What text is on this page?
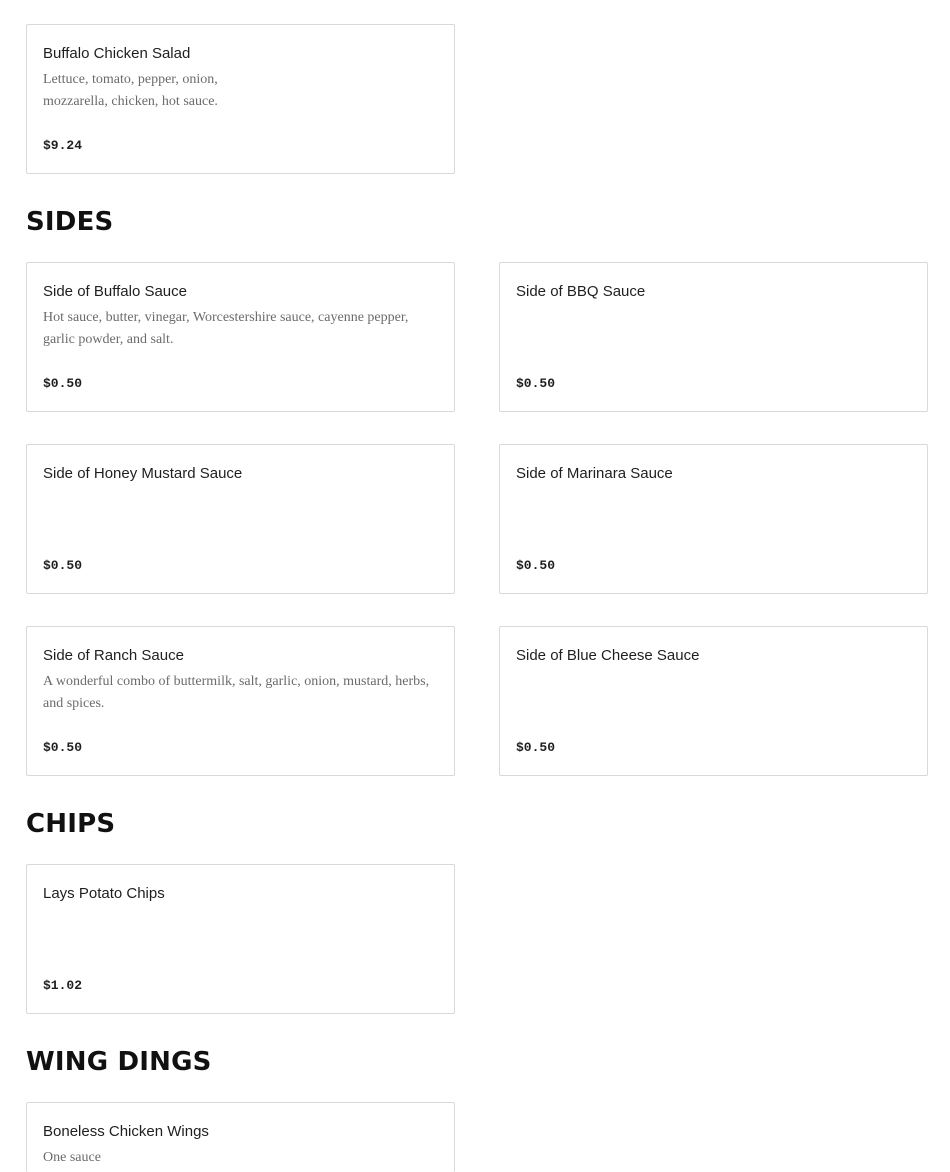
Buffalo Chicken Salad
Lettuce, tomato, pepper, onion, mozzarella, chicken, hot sauce.
$9.24
SIDES
Side of Buffalo Sauce
Hot sauce, butter, vinegar, Worcestershire sauce, cayenne pepper, garlic powder, and salt.
$0.50
Side of BBQ Sauce
$0.50
Side of Honey Mustard Sauce
$0.50
Side of Marinara Sauce
$0.50
Side of Ranch Sauce
A wonderful combo of buttermilk, salt, garlic, onion, mustard, herbs, and spices.
$0.50
Side of Blue Cheese Sauce
$0.50
CHIPS
Lays Potato Chips
$1.02
WING DINGS
Boneless Chicken Wings
One sauce
